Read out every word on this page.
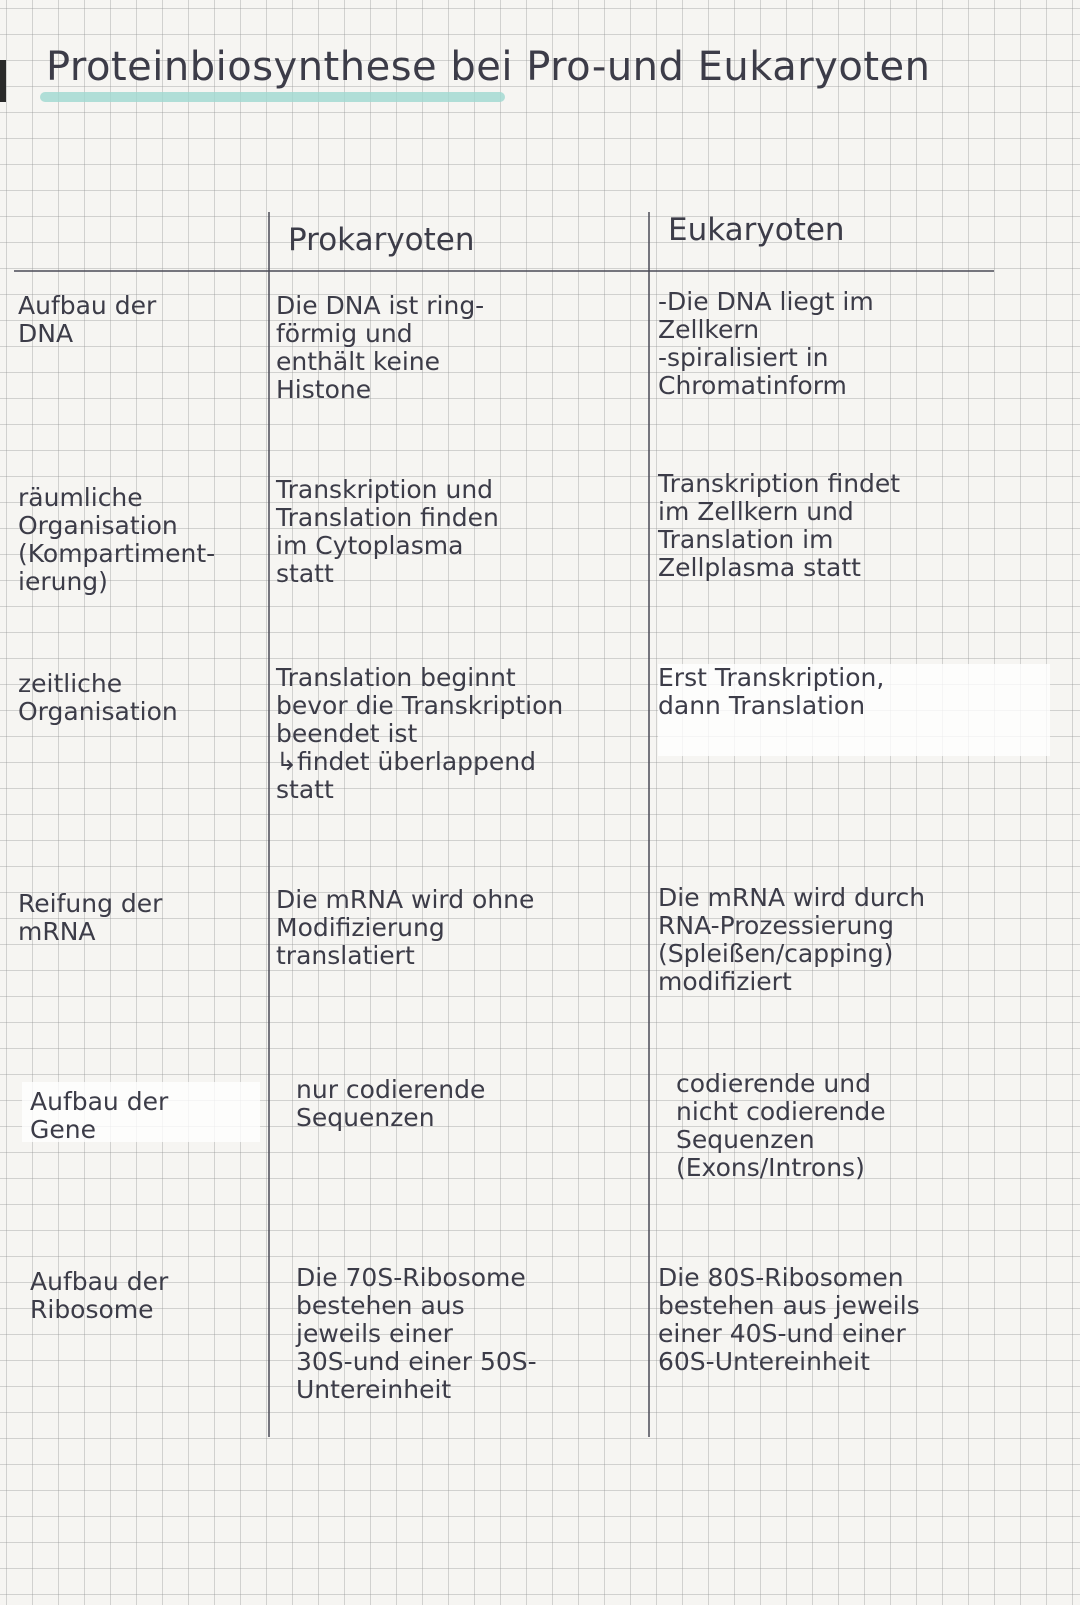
Proteinbiosynthese bei Pro-und Eukaryoten
Prokaryoten	Eukaryoten
Aufbau der
DNA
Die DNA ist ring-
förmig und
enthält keine
Histone
-Die DNA liegt im
Zellkern
-spiralisiert in
Chromatinform
räumliche
Organisation
(Kompartiment-
ierung)
Transkription und
Translation finden
im Cytoplasma
statt
Transkription findet
im Zellkern und
Translation im
Zellplasma statt
zeitliche
Organisation
Translation beginnt
bevor die Transkription
beendet ist
↳findet überlappend
statt
Erst Transkription,
dann Translation
Reifung der
mRNA
Die mRNA wird ohne
Modifizierung
translatiert
Die mRNA wird durch
RNA-Prozessierung
(Spleißen/capping)
modifiziert
Aufbau der
Gene
nur codierende
Sequenzen
codierende und
nicht codierende
Sequenzen
(Exons/Introns)
Aufbau der
Ribosome
Die 70S-Ribosome
bestehen aus
jeweils einer
30S-und einer 50S-
Untereinheit
Die 80S-Ribosomen
bestehen aus jeweils
einer 40S-und einer
60S-Untereinheit
